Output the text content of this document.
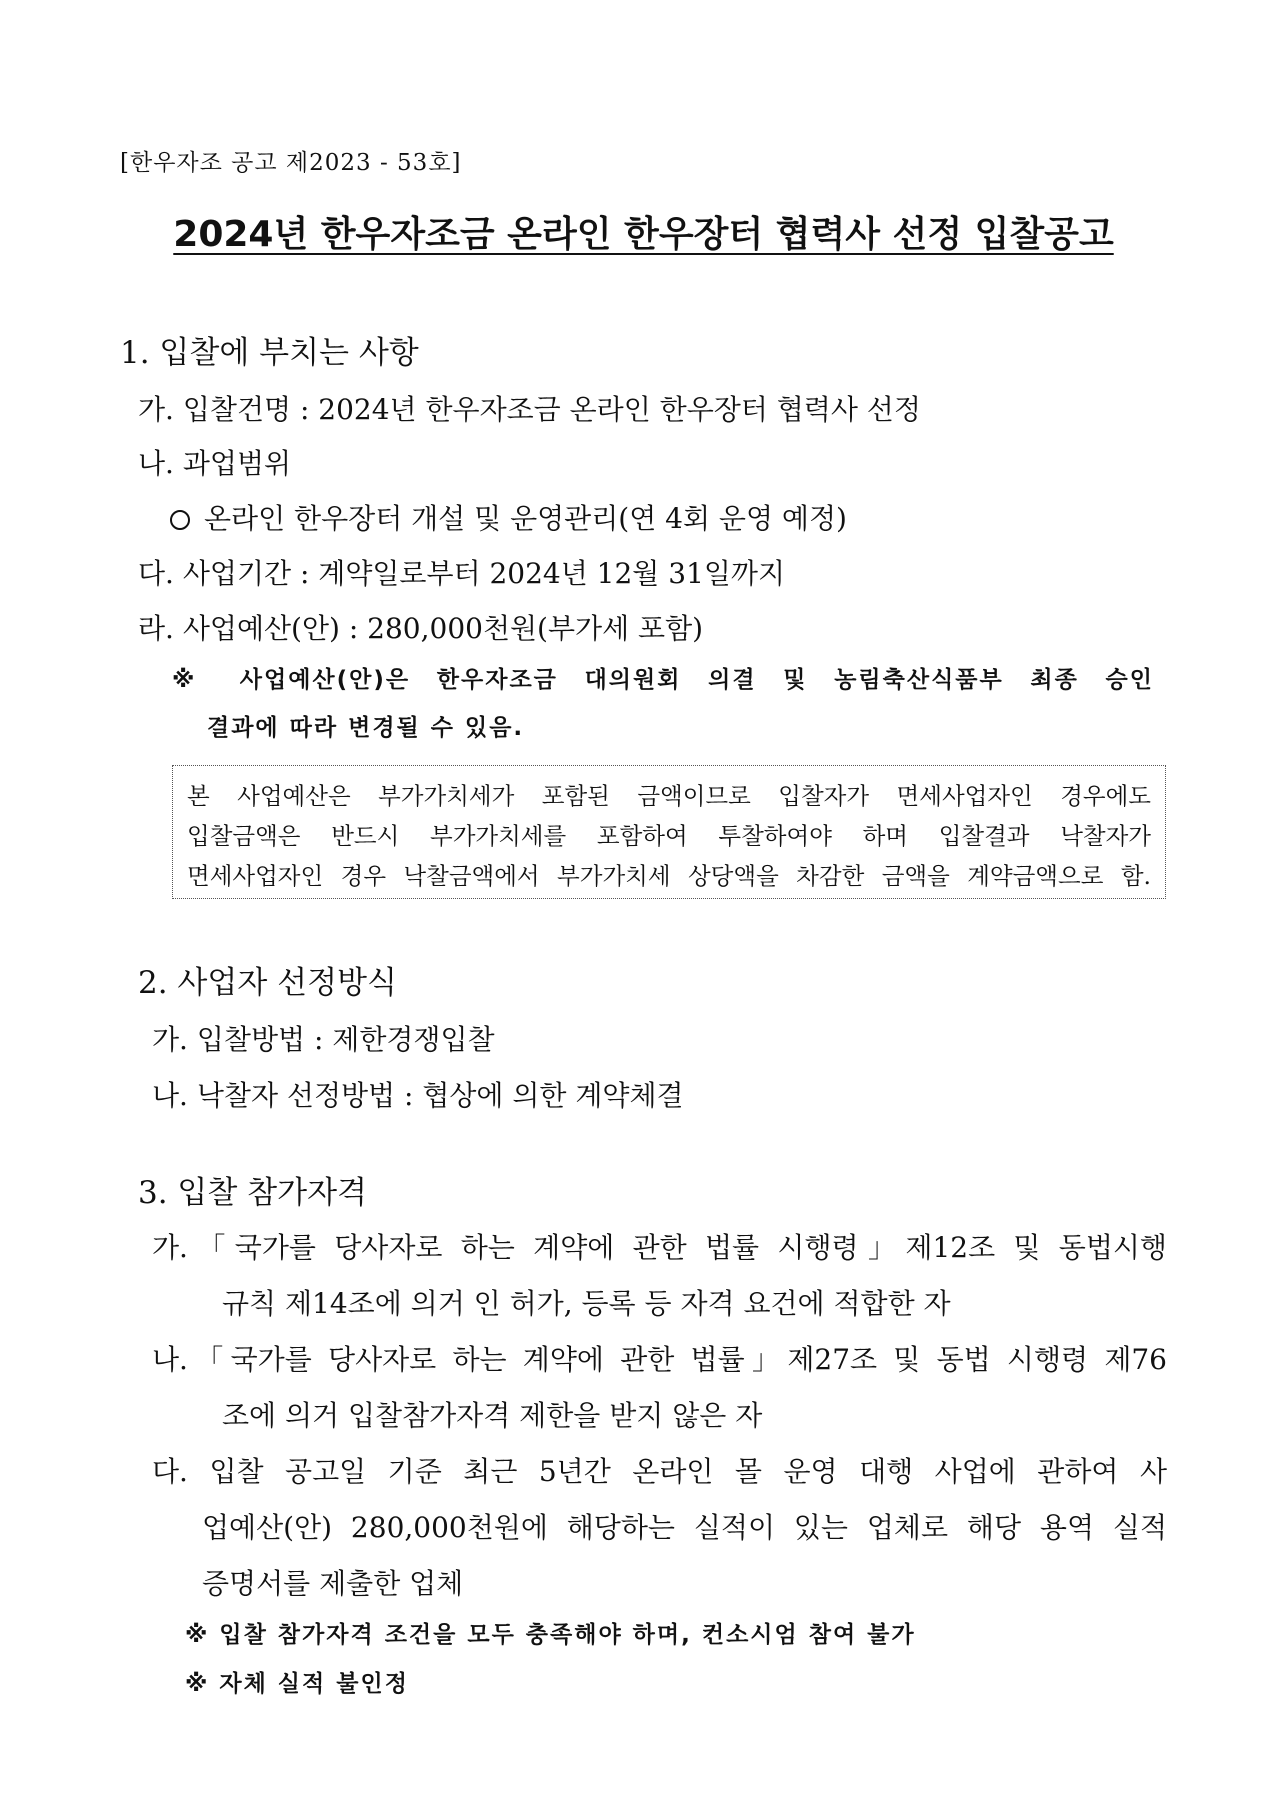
[한우자조 공고 제2023 - 53호]
2024년 한우자조금 온라인 한우장터 협력사 선정 입찰공고
1. 입찰에 부치는 사항
가. 입찰건명 : 2024년 한우자조금 온라인 한우장터 협력사 선정
나. 과업범위
온라인 한우장터 개설 및 운영관리(연 4회 운영 예정)
다. 사업기간 : 계약일로부터 2024년 12월 31일까지
라. 사업예산(안) : 280,000천원(부가세 포함)
※ 사업예산(안)은 한우자조금 대의원회 의결 및 농림축산식품부 최종 승인
결과에 따라 변경될 수 있음.
본 사업예산은 부가가치세가 포함된 금액이므로 입찰자가 면세사업자인 경우에도
입찰금액은 반드시 부가가치세를 포함하여 투찰하여야 하며 입찰결과 낙찰자가
면세사업자인 경우 낙찰금액에서 부가가치세 상당액을 차감한 금액을 계약금액으로 함.
2. 사업자 선정방식
가. 입찰방법 : 제한경쟁입찰
나. 낙찰자 선정방법 : 협상에 의한 계약체결
3. 입찰 참가자격
가.「국가를 당사자로 하는 계약에 관한 법률 시행령」제12조 및 동법시행
규칙 제14조에 의거 인 허가, 등록 등 자격 요건에 적합한 자
나.「국가를 당사자로 하는 계약에 관한 법률」제27조 및 동법 시행령 제76
조에 의거 입찰참가자격 제한을 받지 않은 자
다. 입찰 공고일 기준 최근 5년간 온라인 몰 운영 대행 사업에 관하여 사
업예산(안) 280,000천원에 해당하는 실적이 있는 업체로 해당 용역 실적
증명서를 제출한 업체
※ 입찰 참가자격 조건을 모두 충족해야 하며, 컨소시엄 참여 불가
※ 자체 실적 불인정
